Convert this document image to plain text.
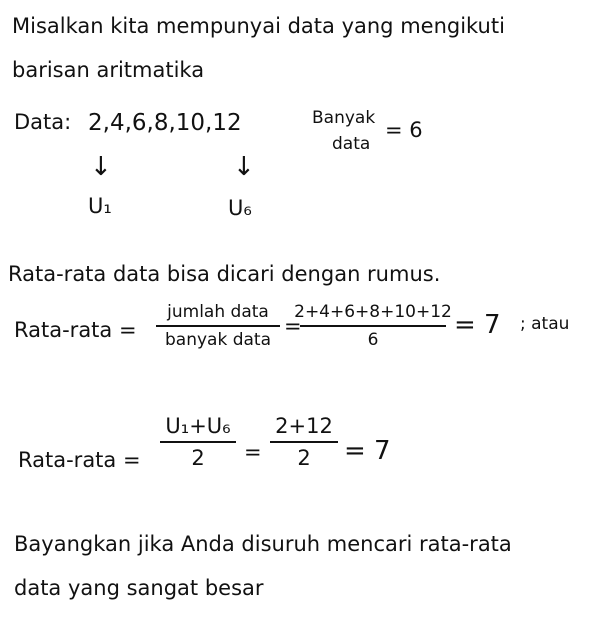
Misalkan kita mempunyai data yang mengikuti
barisan aritmatika
Data: 2,4,6,8,10,12	Banyak
data
= 6
↓	↓
U₁	U₆
Rata-rata data bisa dicari dengan rumus.
Rata-rata =
jumlah data
banyak data
=
2+4+6+8+10+12
6	= 7 ; atau
Rata-rata =
U₁+U₆
2 =
2+12
2 = 7
Bayangkan jika Anda disuruh mencari rata-rata
data yang sangat besar
